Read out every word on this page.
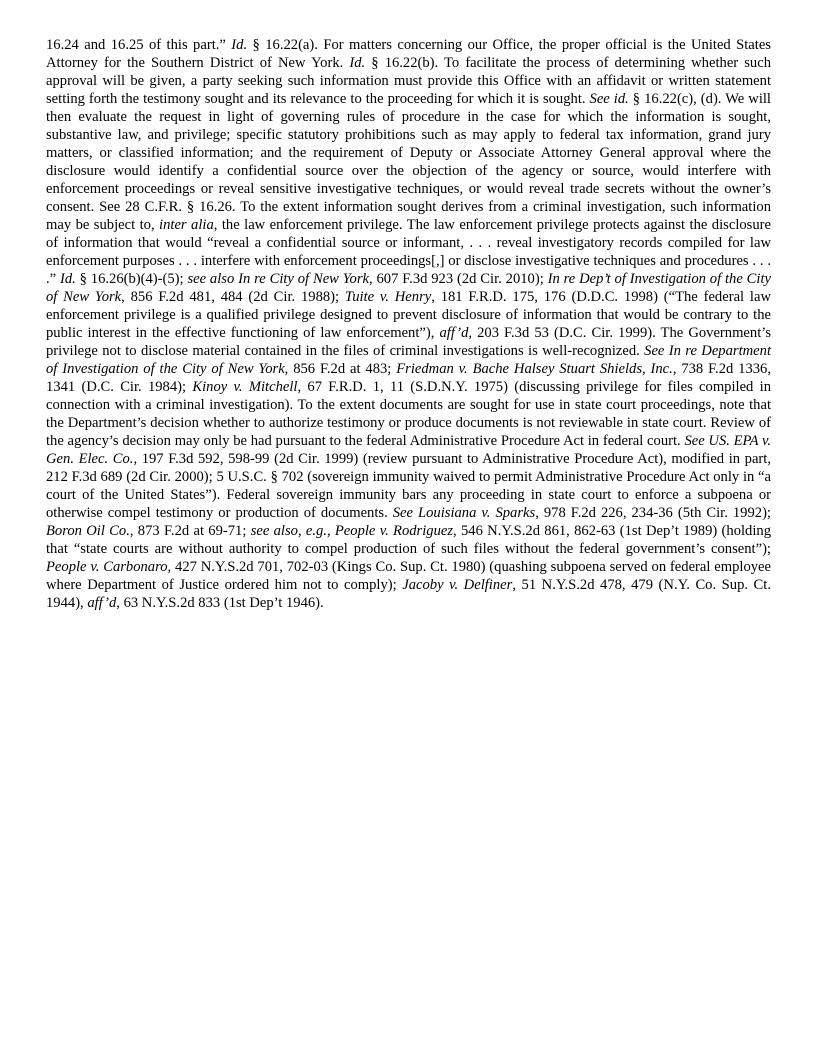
16.24 and 16.25 of this part.” Id. § 16.22(a). For matters concerning our Office, the proper official is the United States Attorney for the Southern District of New York. Id. § 16.22(b). To facilitate the process of determining whether such approval will be given, a party seeking such information must provide this Office with an affidavit or written statement setting forth the testimony sought and its relevance to the proceeding for which it is sought. See id. § 16.22(c), (d). We will then evaluate the request in light of governing rules of procedure in the case for which the information is sought, substantive law, and privilege; specific statutory prohibitions such as may apply to federal tax information, grand jury matters, or classified information; and the requirement of Deputy or Associate Attorney General approval where the disclosure would identify a confidential source over the objection of the agency or source, would interfere with enforcement proceedings or reveal sensitive investigative techniques, or would reveal trade secrets without the owner’s consent. See 28 C.F.R. § 16.26. To the extent information sought derives from a criminal investigation, such information may be subject to, inter alia, the law enforcement privilege. The law enforcement privilege protects against the disclosure of information that would “reveal a confidential source or informant, . . . reveal investigatory records compiled for law enforcement purposes . . . interfere with enforcement proceedings[,] or disclose investigative techniques and procedures . . . .” Id. § 16.26(b)(4)-(5); see also In re City of New York, 607 F.3d 923 (2d Cir. 2010); In re Dep’t of Investigation of the City of New York, 856 F.2d 481, 484 (2d Cir. 1988); Tuite v. Henry, 181 F.R.D. 175, 176 (D.D.C. 1998) (“The federal law enforcement privilege is a qualified privilege designed to prevent disclosure of information that would be contrary to the public interest in the effective functioning of law enforcement”), aff’d, 203 F.3d 53 (D.C. Cir. 1999). The Government’s privilege not to disclose material contained in the files of criminal investigations is well-recognized. See In re Department of Investigation of the City of New York, 856 F.2d at 483; Friedman v. Bache Halsey Stuart Shields, Inc., 738 F.2d 1336, 1341 (D.C. Cir. 1984); Kinoy v. Mitchell, 67 F.R.D. 1, 11 (S.D.N.Y. 1975) (discussing privilege for files compiled in connection with a criminal investigation). To the extent documents are sought for use in state court proceedings, note that the Department’s decision whether to authorize testimony or produce documents is not reviewable in state court. Review of the agency’s decision may only be had pursuant to the federal Administrative Procedure Act in federal court. See US. EPA v. Gen. Elec. Co., 197 F.3d 592, 598-99 (2d Cir. 1999) (review pursuant to Administrative Procedure Act), modified in part, 212 F.3d 689 (2d Cir. 2000); 5 U.S.C. § 702 (sovereign immunity waived to permit Administrative Procedure Act only in “a court of the United States”). Federal sovereign immunity bars any proceeding in state court to enforce a subpoena or otherwise compel testimony or production of documents. See Louisiana v. Sparks, 978 F.2d 226, 234-36 (5th Cir. 1992); Boron Oil Co., 873 F.2d at 69-71; see also, e.g., People v. Rodriguez, 546 N.Y.S.2d 861, 862-63 (1st Dep’t 1989) (holding that “state courts are without authority to compel production of such files without the federal government’s consent”); People v. Carbonaro, 427 N.Y.S.2d 701, 702-03 (Kings Co. Sup. Ct. 1980) (quashing subpoena served on federal employee where Department of Justice ordered him not to comply); Jacoby v. Delfiner, 51 N.Y.S.2d 478, 479 (N.Y. Co. Sup. Ct. 1944), aff’d, 63 N.Y.S.2d 833 (1st Dep’t 1946).
